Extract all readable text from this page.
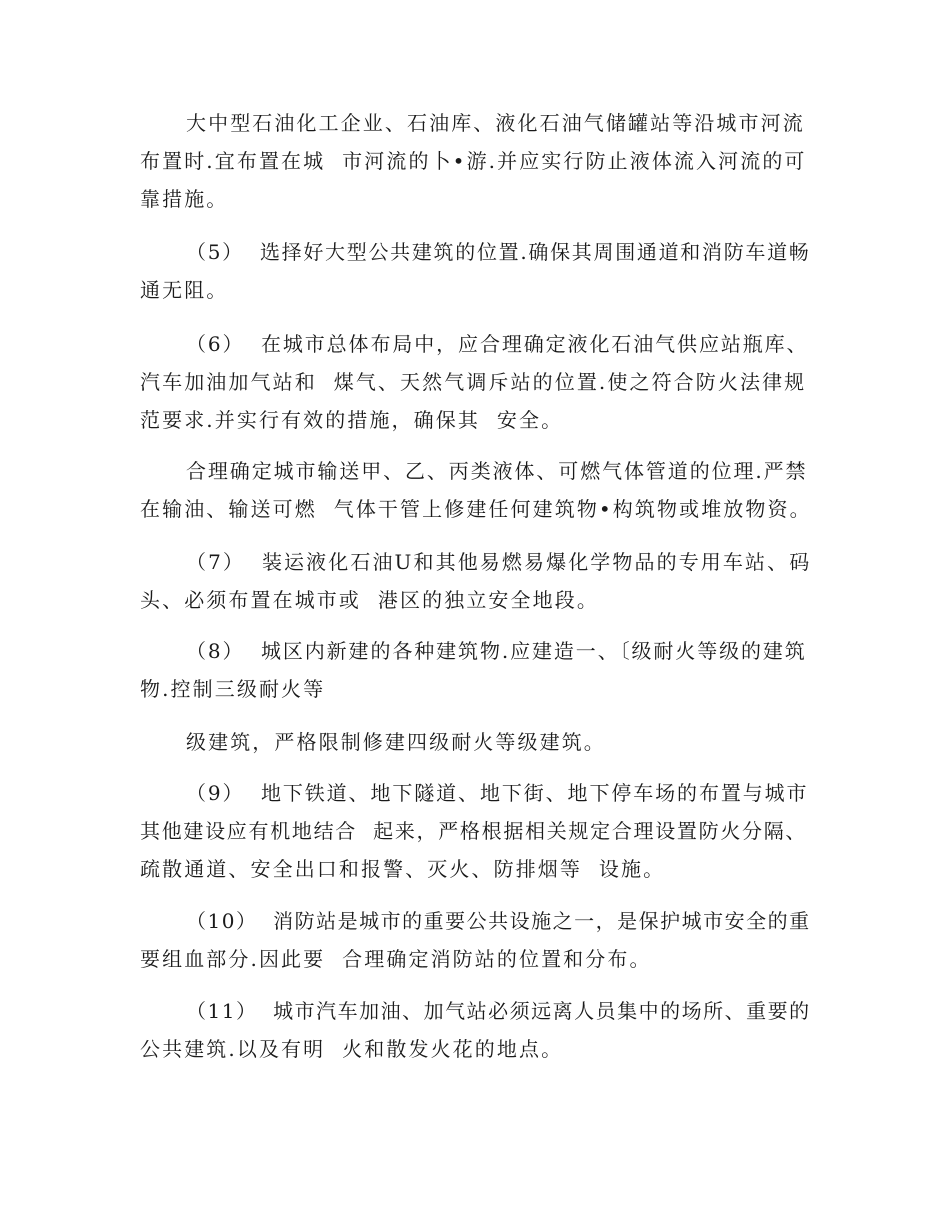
大中型石油化工企业、石油库、液化石油气储罐站等沿城市河流
布置时.宜布置在城  市河流的卜•游.并应实行防止液体流入河流的可
靠措施。
（5）  选择好大型公共建筑的位置.确保其周围通道和消防车道畅
通无阻。
（6）  在城市总体布局中，应合理确定液化石油气供应站瓶库、
汽车加油加气站和  煤气、天然气调斥站的位置.使之符合防火法律规
范要求.并实行有效的措施，确保其  安全。
合理确定城市输送甲、乙、丙类液体、可燃气体管道的位理.严禁
在输油、输送可燃  气体干管上修建任何建筑物•构筑物或堆放物资。
（7）  装运液化石油U和其他易燃易爆化学物品的专用车站、码
头、必须布置在城市或  港区的独立安全地段。
（8）  城区内新建的各种建筑物.应建造一、〔级耐火等级的建筑
物.控制三级耐火等
级建筑，严格限制修建四级耐火等级建筑。
（9）  地下铁道、地下隧道、地下街、地下停车场的布置与城市
其他建设应有机地结合  起来，严格根据相关规定合理设置防火分隔、
疏散通道、安全出口和报警、灭火、防排烟等  设施。
（10）  消防站是城市的重要公共设施之一，是保护城市安全的重
要组血部分.因此要  合理确定消防站的位置和分布。
（11）  城市汽车加油、加气站必须远离人员集中的场所、重要的
公共建筑.以及有明  火和散发火花的地点。
